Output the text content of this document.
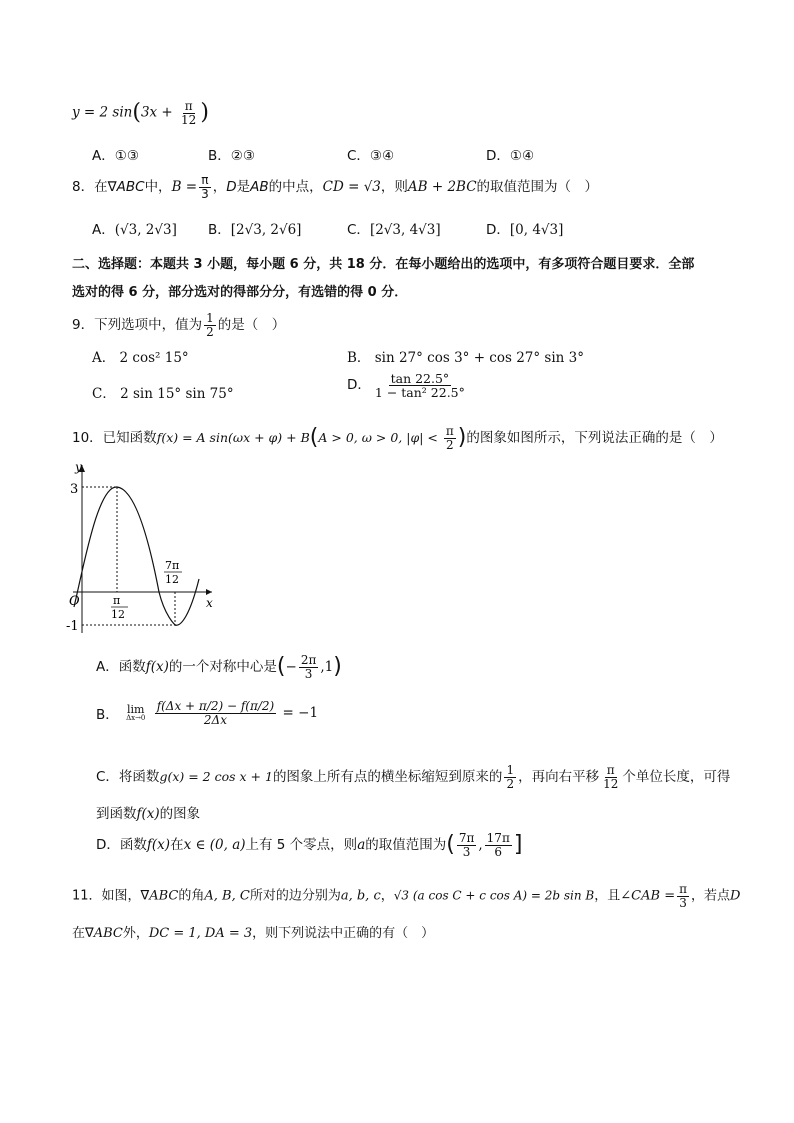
y = 2 $\sin(3x + \frac{\pi}{12}$ )
A．①③	B．②③	C．③④	D．①④
8．在∇ABC中，$B = \frac{\pi}{3}$ ，D是AB的中点，CD = √3，则AB + 2BC的取值范围为（　）
A．(√3, 2√3] B．[2√3, 2√6]	C．[2√3, 4√3]	D．[0, 4√3]
二、选择题：本题共 3 小题，每小题 6 分，共 18 分．在每小题给出的选项中，有多项符合题目要求．全部
选对的得 6 分，部分选对的得部分分，有选错的得 0 分．
9．下列选项中，值为 $\frac{1}{2}$ 的是（　）
A． 2 cos² 15°	B． sin 27° cos 3° + cos 27° sin 3°
C． 2 sin 15° sin 75°
D． $\frac{\tan 22.5^\circ}{\text{1 − tan² 22.5°}}$
10．已知函数f(x) = A sin(ωx + φ) + B(A > 0, ω > 0, $|\varphi| < \frac{\pi}{2}$ )的图象如图所示，下列说法正确的是（　）
y
x
O
3
-1
π
12
7π
12
A．函数f(x)的一个对称中心是(− $\frac{2\pi}{3} ,1$)
B． lim
Δx→0
$\frac{f(\Delta x + \pi/2) - f(\pi/2)}{2\Delta x} = -1$
C．将函数g(x) = 2 cos x + 1的图象上所有点的横坐标缩短到原来的 $\frac{1}{2}$ ，再向右平移 $\frac{\pi}{12}$ 个单位长度，可得
到函数f(x)的图象
D．函数f(x)在x ∈ (0, a)上有 5 个零点，则a的取值范围为( $\frac{7\pi}{3}$ , $\frac{17\pi}{6}$ ]
11．如图，∇ABC的角A, B, C所对的边分别为a, b, c，√3 (a cos C + c cos A) = 2b sin B，且∠CAB = $\frac{\pi}{3}$ ，若点D
在∇ABC外，DC = 1, DA = 3，则下列说法中正确的有（　）
